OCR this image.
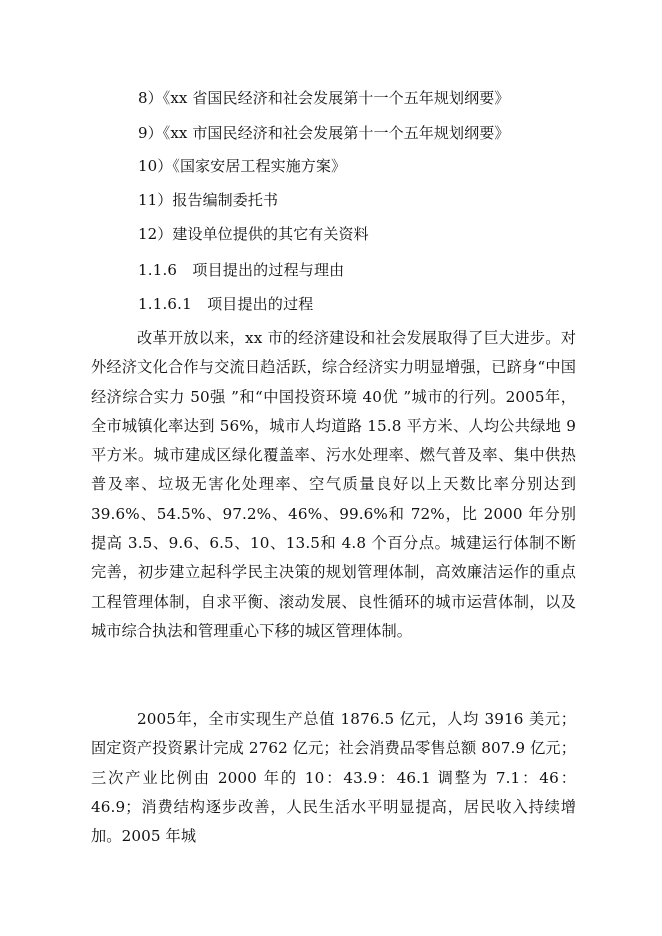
8）《xx 省国民经济和社会发展第十一个五年规划纲要》
9）《xx 市国民经济和社会发展第十一个五年规划纲要》
10）《国家安居工程实施方案》
11）报告编制委托书
12）建设单位提供的其它有关资料
1.1.6　项目提出的过程与理由
1.1.6.1　项目提出的过程
改革开放以来，xx 市的经济建设和社会发展取得了巨大进步。对外经济文化合作与交流日趋活跃，综合经济实力明显增强，已跻身“中国经济综合实力 50强 ”和“中国投资环境 40优 ”城市的行列。2005年，全市城镇化率达到 56%，城市人均道路 15.8 平方米、人均公共绿地 9 平方米。城市建成区绿化覆盖率、污水处理率、燃气普及率、集中供热普及率、垃圾无害化处理率、空气质量良好以上天数比率分别达到 39.6%、54.5%、97.2%、46%、99.6%和 72%，比 2000 年分别提高 3.5、9.6、6.5、10、13.5和 4.8 个百分点。城建运行体制不断完善，初步建立起科学民主决策的规划管理体制，高效廉洁运作的重点工程管理体制，自求平衡、滚动发展、良性循环的城市运营体制，以及城市综合执法和管理重心下移的城区管理体制。
2005年，全市实现生产总值 1876.5 亿元，人均 3916 美元；固定资产投资累计完成 2762 亿元；社会消费品零售总额 807.9 亿元；三次产业比例由 2000 年的 10：43.9：46.1 调整为 7.1：46：46.9；消费结构逐步改善，人民生活水平明显提高，居民收入持续增加。2005 年城
